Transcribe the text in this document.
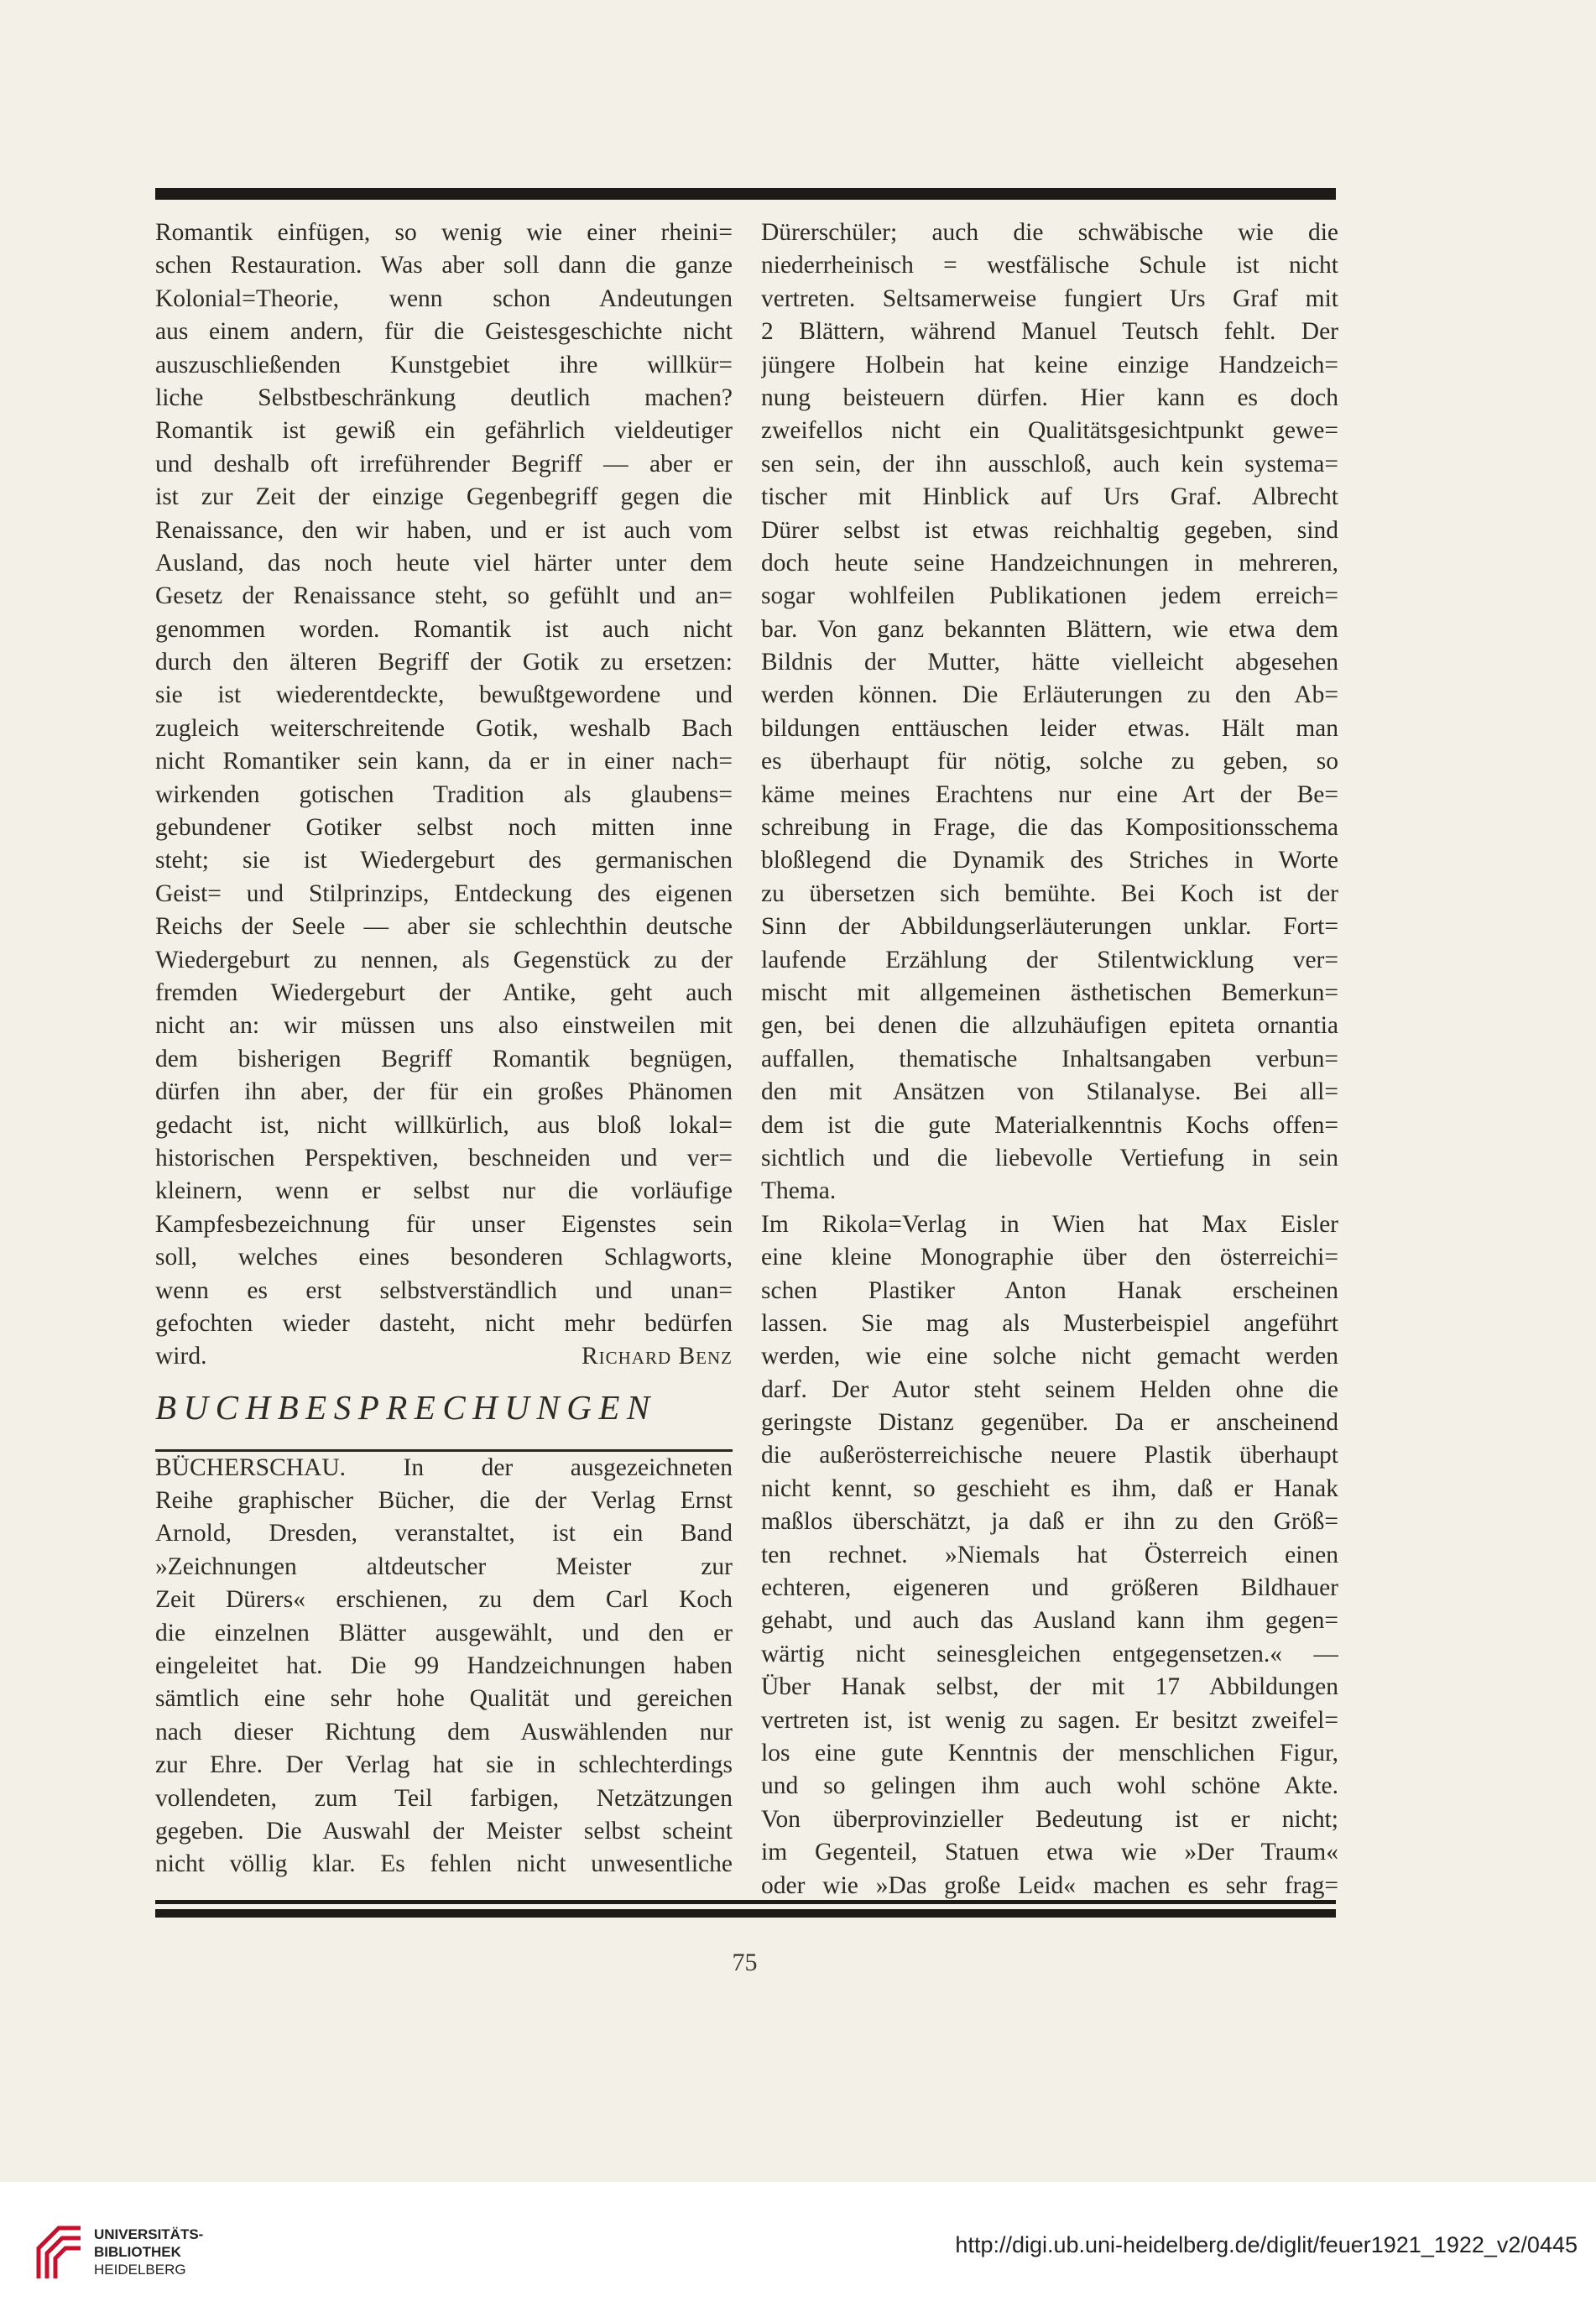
Romantik einfügen, so wenig wie einer rheini=
schen Restauration. Was aber soll dann die ganze
Kolonial=Theorie, wenn schon Andeutungen
aus einem andern, für die Geistesgeschichte nicht
auszuschließenden Kunstgebiet ihre willkür=
liche Selbstbeschränkung deutlich machen?
Romantik ist gewiß ein gefährlich vieldeutiger
und deshalb oft irreführender Begriff — aber er
ist zur Zeit der einzige Gegenbegriff gegen die
Renaissance, den wir haben, und er ist auch vom
Ausland, das noch heute viel härter unter dem
Gesetz der Renaissance steht, so gefühlt und an=
genommen worden. Romantik ist auch nicht
durch den älteren Begriff der Gotik zu ersetzen:
sie ist wiederentdeckte, bewußtgewordene und
zugleich weiterschreitende Gotik, weshalb Bach
nicht Romantiker sein kann, da er in einer nach=
wirkenden gotischen Tradition als glaubens=
gebundener Gotiker selbst noch mitten inne
steht; sie ist Wiedergeburt des germanischen
Geist= und Stilprinzips, Entdeckung des eigenen
Reichs der Seele — aber sie schlechthin deutsche
Wiedergeburt zu nennen, als Gegenstück zu der
fremden Wiedergeburt der Antike, geht auch
nicht an: wir müssen uns also einstweilen mit
dem bisherigen Begriff Romantik begnügen,
dürfen ihn aber, der für ein großes Phänomen
gedacht ist, nicht willkürlich, aus bloß lokal=
historischen Perspektiven, beschneiden und ver=
kleinern, wenn er selbst nur die vorläufige
Kampfesbezeichnung für unser Eigenstes sein
soll, welches eines besonderen Schlagworts,
wenn es erst selbstverständlich und unan=
gefochten wieder dasteht, nicht mehr bedürfen
wird.	Richard Benz
BUCHBESPRECHUNGEN
BÜCHERSCHAU. In der ausgezeichneten
Reihe graphischer Bücher, die der Verlag Ernst
Arnold, Dresden, veranstaltet, ist ein Band
»Zeichnungen altdeutscher Meister zur
Zeit Dürers« erschienen, zu dem Carl Koch
die einzelnen Blätter ausgewählt, und den er
eingeleitet hat. Die 99 Handzeichnungen haben
sämtlich eine sehr hohe Qualität und gereichen
nach dieser Richtung dem Auswählenden nur
zur Ehre. Der Verlag hat sie in schlechterdings
vollendeten, zum Teil farbigen, Netzätzungen
gegeben. Die Auswahl der Meister selbst scheint
nicht völlig klar. Es fehlen nicht unwesentliche
Dürerschüler; auch die schwäbische wie die
niederrheinisch = westfälische Schule ist nicht
vertreten. Seltsamerweise fungiert Urs Graf mit
2 Blättern, während Manuel Teutsch fehlt. Der
jüngere Holbein hat keine einzige Handzeich=
nung beisteuern dürfen. Hier kann es doch
zweifellos nicht ein Qualitätsgesichtpunkt gewe=
sen sein, der ihn ausschloß, auch kein systema=
tischer mit Hinblick auf Urs Graf. Albrecht
Dürer selbst ist etwas reichhaltig gegeben, sind
doch heute seine Handzeichnungen in mehreren,
sogar wohlfeilen Publikationen jedem erreich=
bar. Von ganz bekannten Blättern, wie etwa dem
Bildnis der Mutter, hätte vielleicht abgesehen
werden können. Die Erläuterungen zu den Ab=
bildungen enttäuschen leider etwas. Hält man
es überhaupt für nötig, solche zu geben, so
käme meines Erachtens nur eine Art der Be=
schreibung in Frage, die das Kompositionsschema
bloßlegend die Dynamik des Striches in Worte
zu übersetzen sich bemühte. Bei Koch ist der
Sinn der Abbildungserläuterungen unklar. Fort=
laufende Erzählung der Stilentwicklung ver=
mischt mit allgemeinen ästhetischen Bemerkun=
gen, bei denen die allzuhäufigen epiteta ornantia
auffallen, thematische Inhaltsangaben verbun=
den mit Ansätzen von Stilanalyse. Bei all=
dem ist die gute Materialkenntnis Kochs offen=
sichtlich und die liebevolle Vertiefung in sein
Thema.
Im Rikola=Verlag in Wien hat Max Eisler
eine kleine Monographie über den österreichi=
schen Plastiker Anton Hanak erscheinen
lassen. Sie mag als Musterbeispiel angeführt
werden, wie eine solche nicht gemacht werden
darf. Der Autor steht seinem Helden ohne die
geringste Distanz gegenüber. Da er anscheinend
die außerösterreichische neuere Plastik überhaupt
nicht kennt, so geschieht es ihm, daß er Hanak
maßlos überschätzt, ja daß er ihn zu den Größ=
ten rechnet. »Niemals hat Österreich einen
echteren, eigeneren und größeren Bildhauer
gehabt, und auch das Ausland kann ihm gegen=
wärtig nicht seinesgleichen entgegensetzen.« —
Über Hanak selbst, der mit 17 Abbildungen
vertreten ist, ist wenig zu sagen. Er besitzt zweifel=
los eine gute Kenntnis der menschlichen Figur,
und so gelingen ihm auch wohl schöne Akte.
Von überprovinzieller Bedeutung ist er nicht;
im Gegenteil, Statuen etwa wie »Der Traum«
oder wie »Das große Leid« machen es sehr frag=
75
UNIVERSITÄTS-
BIBLIOTHEK
HEIDELBERG
http://digi.ub.uni-heidelberg.de/diglit/feuer1921_1922_v2/0445
